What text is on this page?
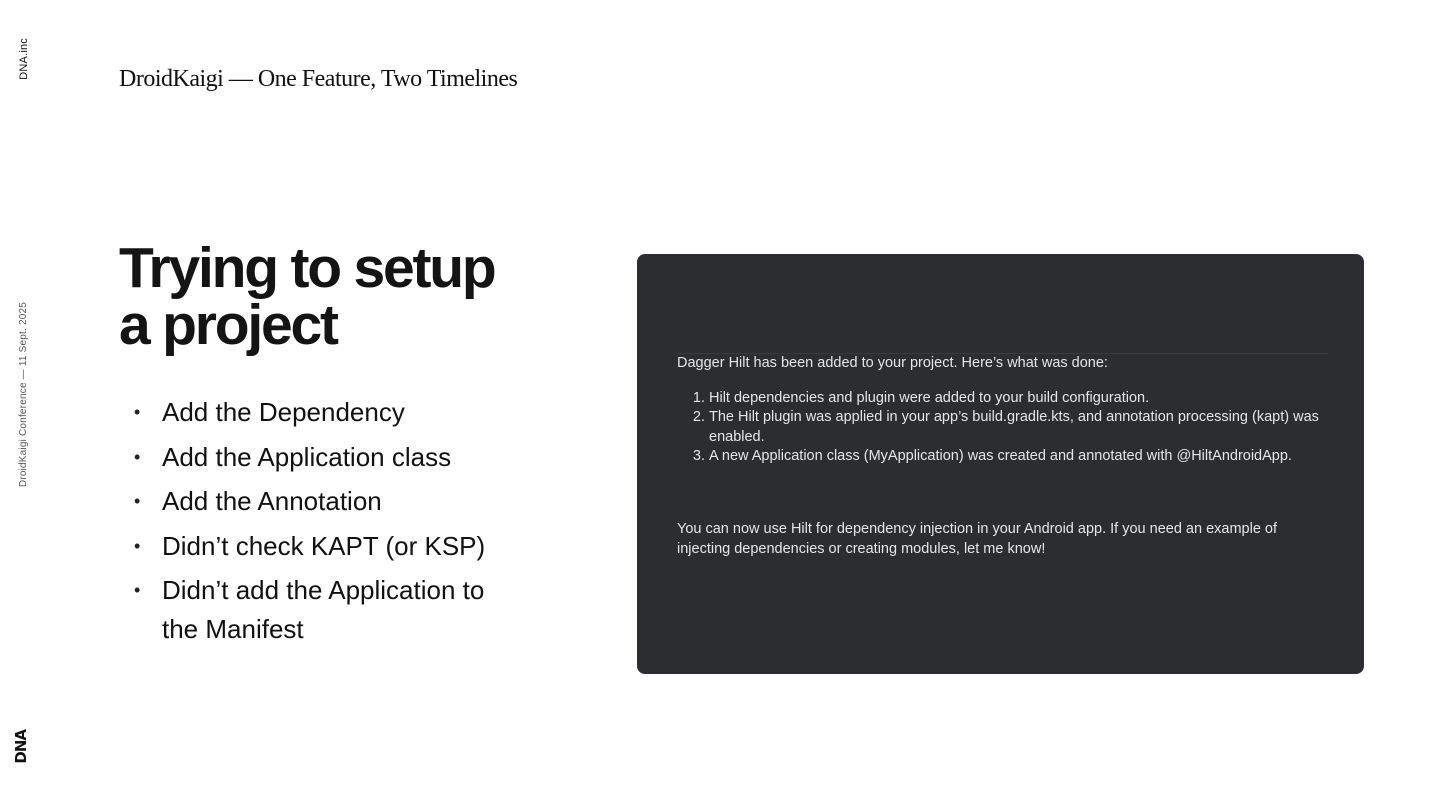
DNA.inc
DroidKaigi Conference — 11 Sept. 2025
DNA
DroidKaigi — One Feature, Two Timelines
Trying to setup
a project
• Add the Dependency
• Add the Application class
• Add the Annotation
• Didn’t check KAPT (or KSP)
• Didn’t add the Application to the Manifest
Dagger Hilt has been added to your project. Here’s what was done:
1. Hilt dependencies and plugin were added to your build configuration.
2. The Hilt plugin was applied in your app’s build.gradle.kts, and annotation processing (kapt) was enabled.
3. A new Application class (MyApplication) was created and annotated with @HiltAndroidApp.
You can now use Hilt for dependency injection in your Android app. If you need an example of injecting dependencies or creating modules, let me know!
